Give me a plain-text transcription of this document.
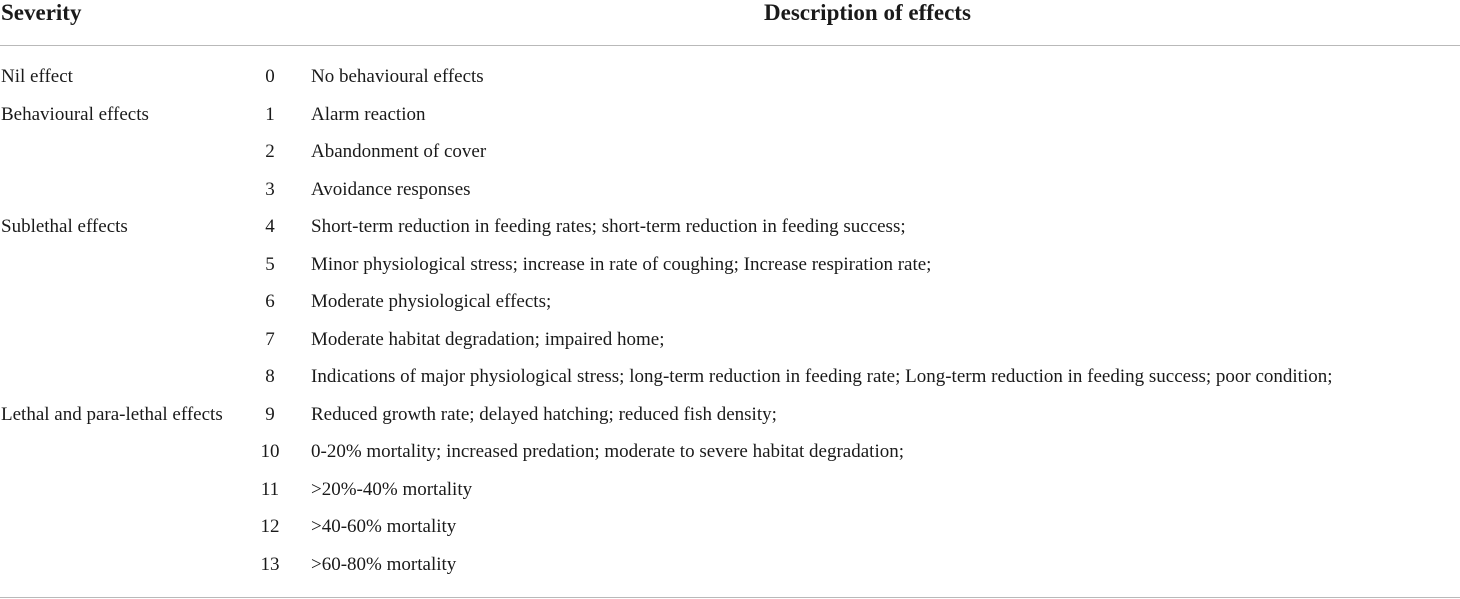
Severity	Description of effects
Nil effect	0	No behavioural effects
Behavioural effects	1	Alarm reaction
2	Abandonment of cover
3	Avoidance responses
Sublethal effects	4	Short-term reduction in feeding rates; short-term reduction in feeding success;
5	Minor physiological stress; increase in rate of coughing; Increase respiration rate;
6	Moderate physiological effects;
7	Moderate habitat degradation; impaired home;
8	Indications of major physiological stress; long-term reduction in feeding rate; Long-term reduction in feeding success; poor condition;
Lethal and para-lethal effects	9	Reduced growth rate; delayed hatching; reduced fish density;
10	0-20% mortality; increased predation; moderate to severe habitat degradation;
11	>20%-40% mortality
12	>40-60% mortality
13	>60-80% mortality
